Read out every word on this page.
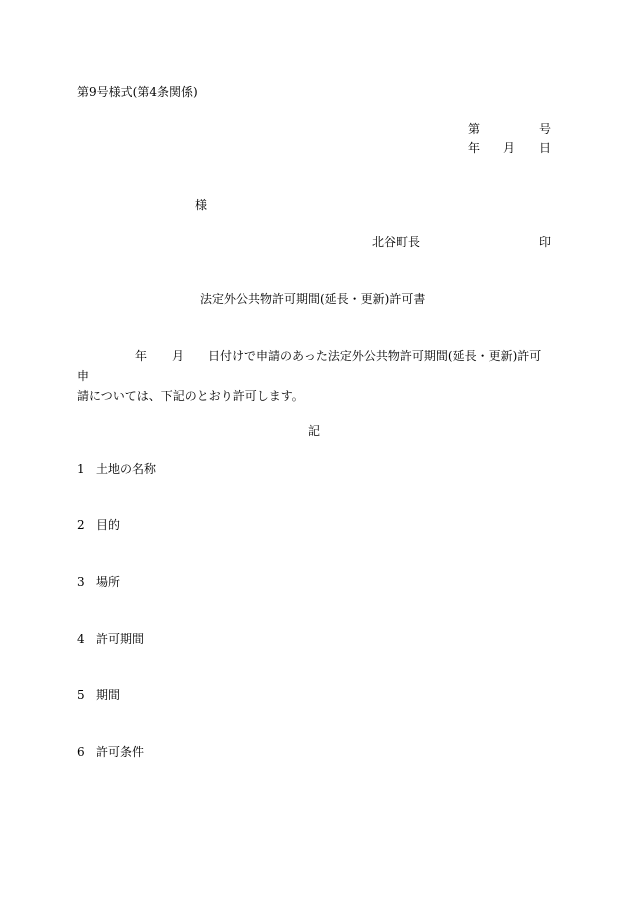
第9号様式(第4条関係)
第	号
年 月 日
様
北谷町長	印
法定外公共物許可期間(延長・更新)許可書
年 月 日付けで申請のあった法定外公共物許可期間(延長・更新)許可申
請については、下記のとおり許可します。
記
1 土地の名称
2 目的
3 場所
4 許可期間
5 期間
6 許可条件
